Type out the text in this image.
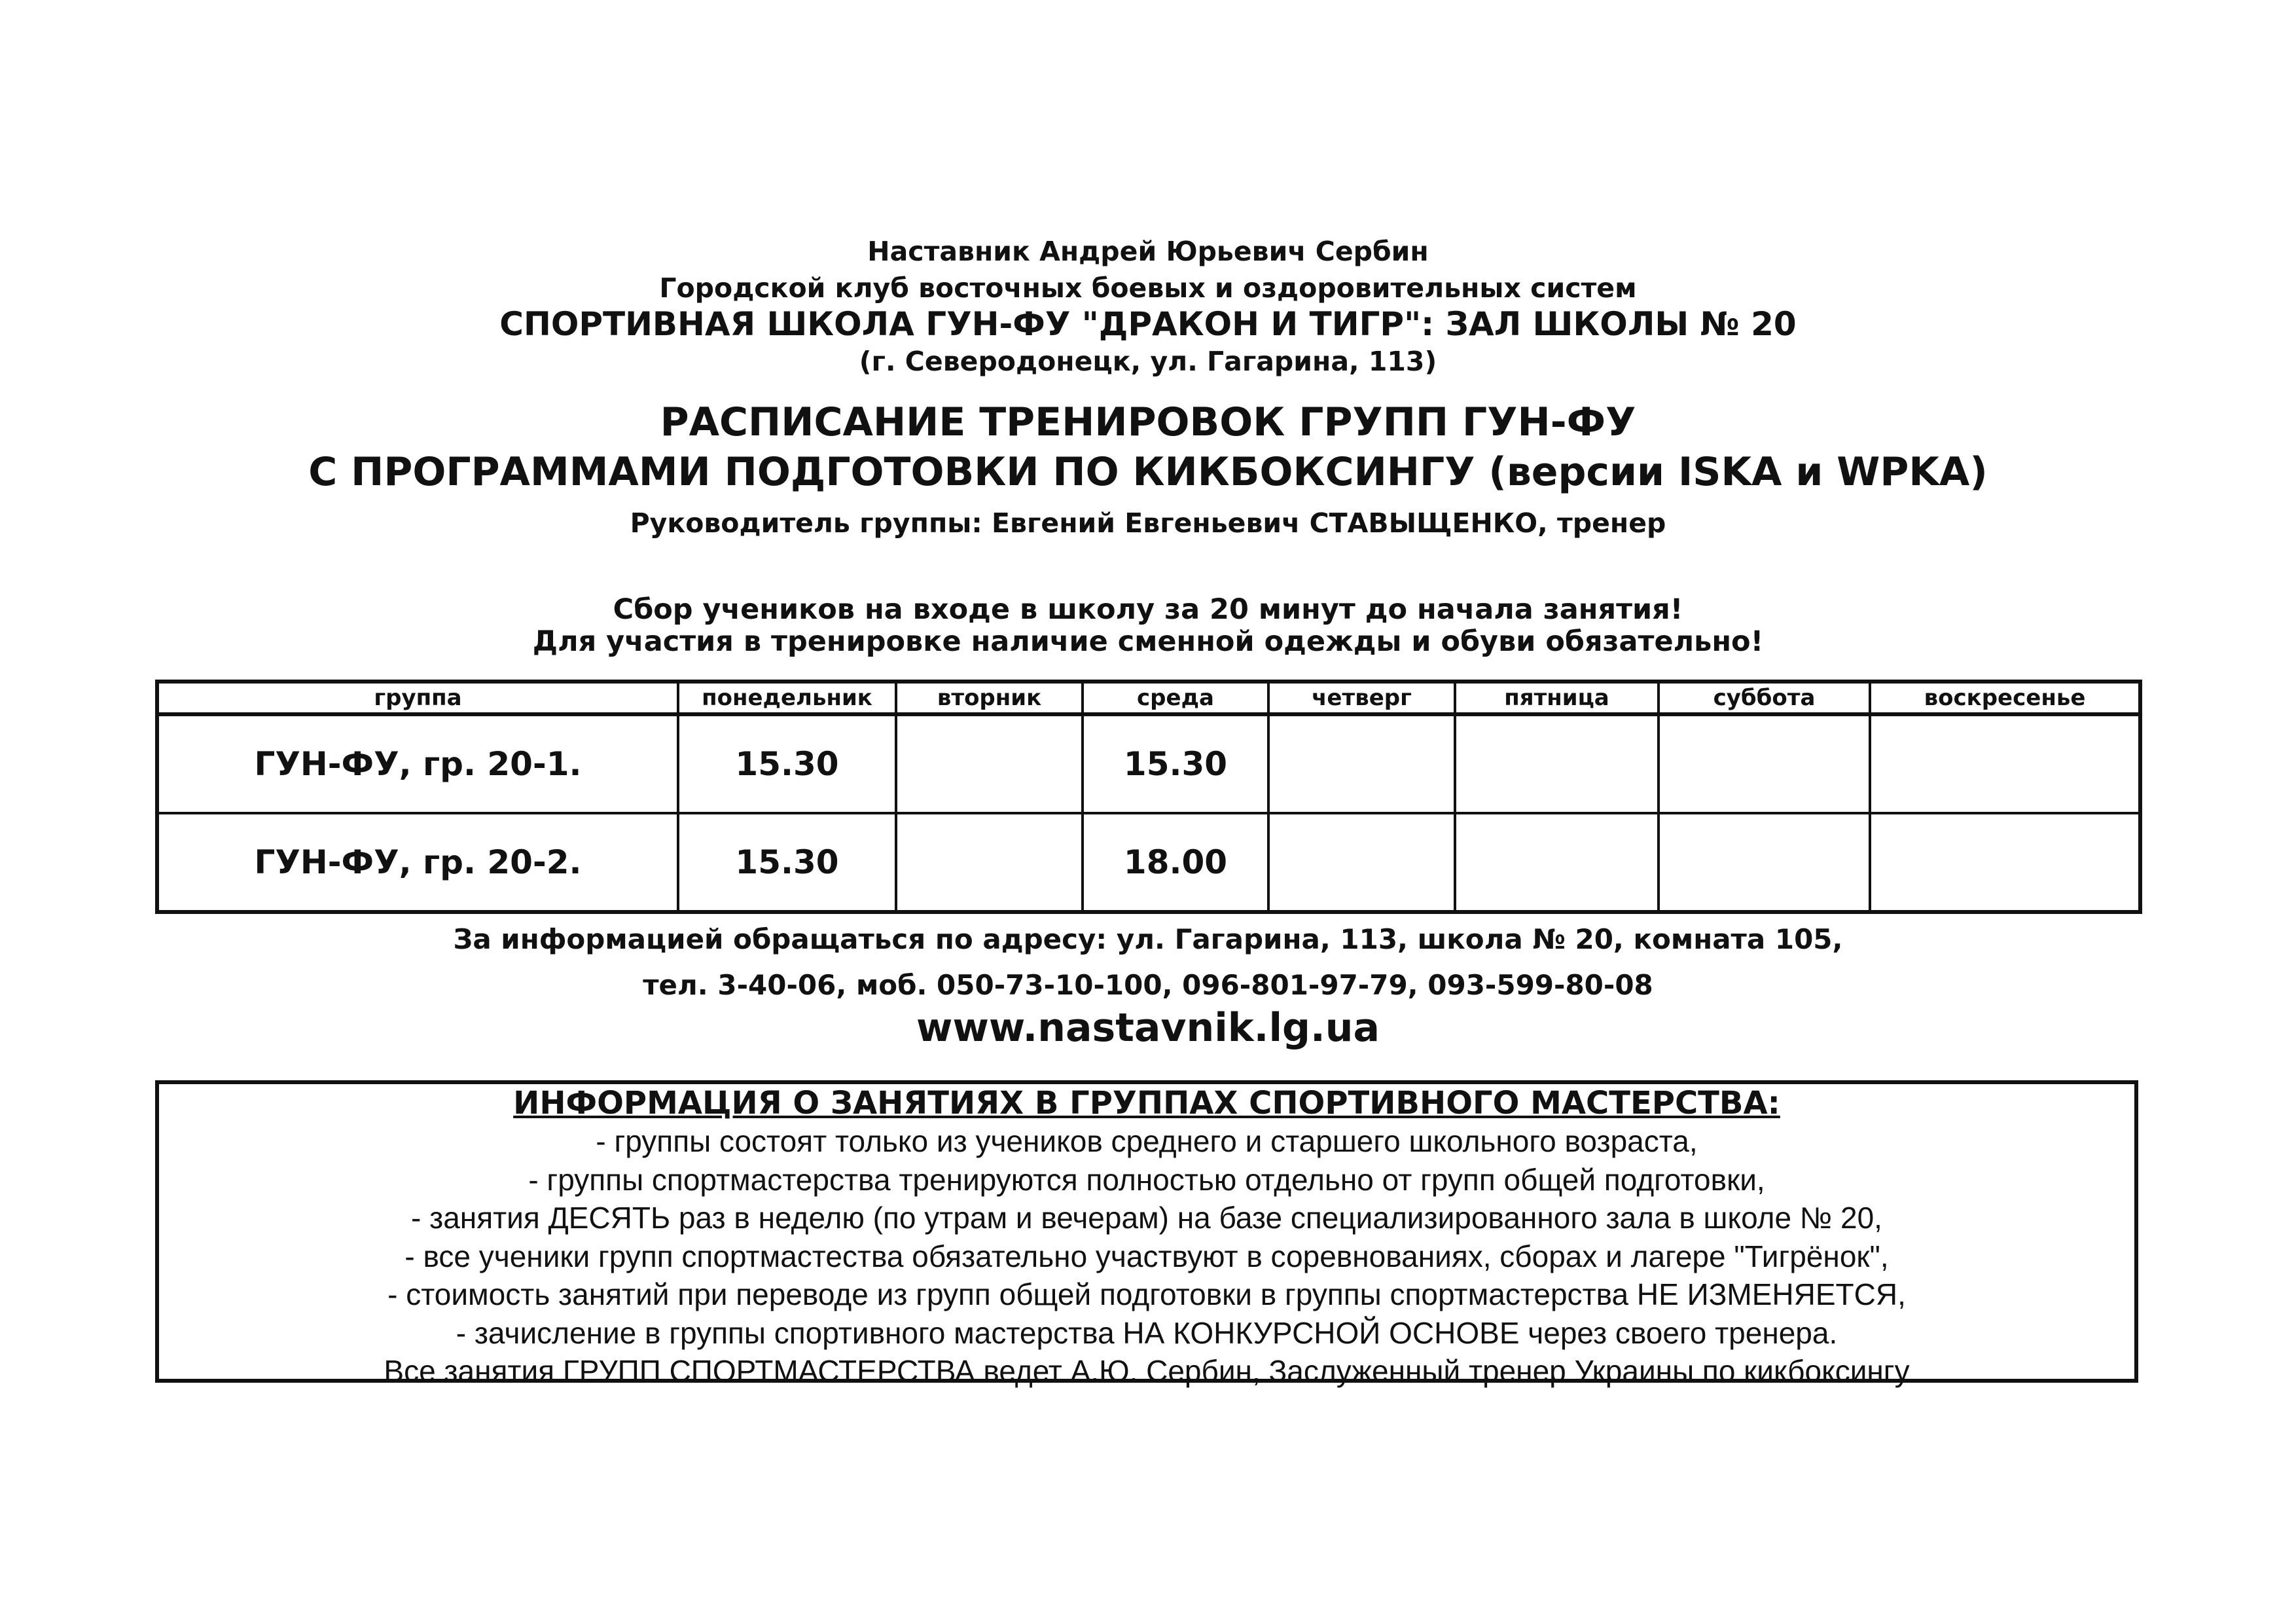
Наставник Андрей Юрьевич Сербин
Городской клуб восточных боевых и оздоровительных систем
СПОРТИВНАЯ ШКОЛА ГУН-ФУ "ДРАКОН И ТИГР": ЗАЛ ШКОЛЫ № 20
(г. Северодонецк, ул. Гагарина, 113)
РАСПИСАНИЕ ТРЕНИРОВОК ГРУПП ГУН-ФУ
С ПРОГРАММАМИ ПОДГОТОВКИ ПО КИКБОКСИНГУ (версии ISKA и WPKA)
Руководитель группы: Евгений Евгеньевич СТАВЫЩЕНКО, тренер
Сбор учеников на входе в школу за 20 минут до начала занятия!
Для участия в тренировке наличие сменной одежды и обуви обязательно!
группа	понедельник	вторник	среда	четверг	пятница	суббота	воскресенье
ГУН-ФУ, гр. 20-1.	15.30		15.30				
ГУН-ФУ, гр. 20-2.	15.30		18.00				
За информацией обращаться по адресу: ул. Гагарина, 113, школа № 20, комната 105,
тел. 3-40-06, моб. 050-73-10-100, 096-801-97-79, 093-599-80-08
www.nastavnik.lg.ua
ИНФОРМАЦИЯ О ЗАНЯТИЯХ В ГРУППАХ СПОРТИВНОГО МАСТЕРСТВА:
- группы состоят только из учеников среднего и старшего школьного возраста,
- группы спортмастерства тренируются полностью отдельно от групп общей подготовки,
- занятия ДЕСЯТЬ раз в неделю (по утрам и вечерам) на базе специализированного зала в школе № 20,
- все ученики групп спортмастества обязательно участвуют в соревнованиях, сборах и лагере "Тигрёнок",
- стоимость занятий при переводе из групп общей подготовки в группы спортмастерства НЕ ИЗМЕНЯЕТСЯ,
- зачисление в группы спортивного мастерства НА КОНКУРСНОЙ ОСНОВЕ через своего тренера.
Все занятия ГРУПП СПОРТМАСТЕРСТВА ведет А.Ю. Сербин, Заслуженный тренер Украины по кикбоксингу
